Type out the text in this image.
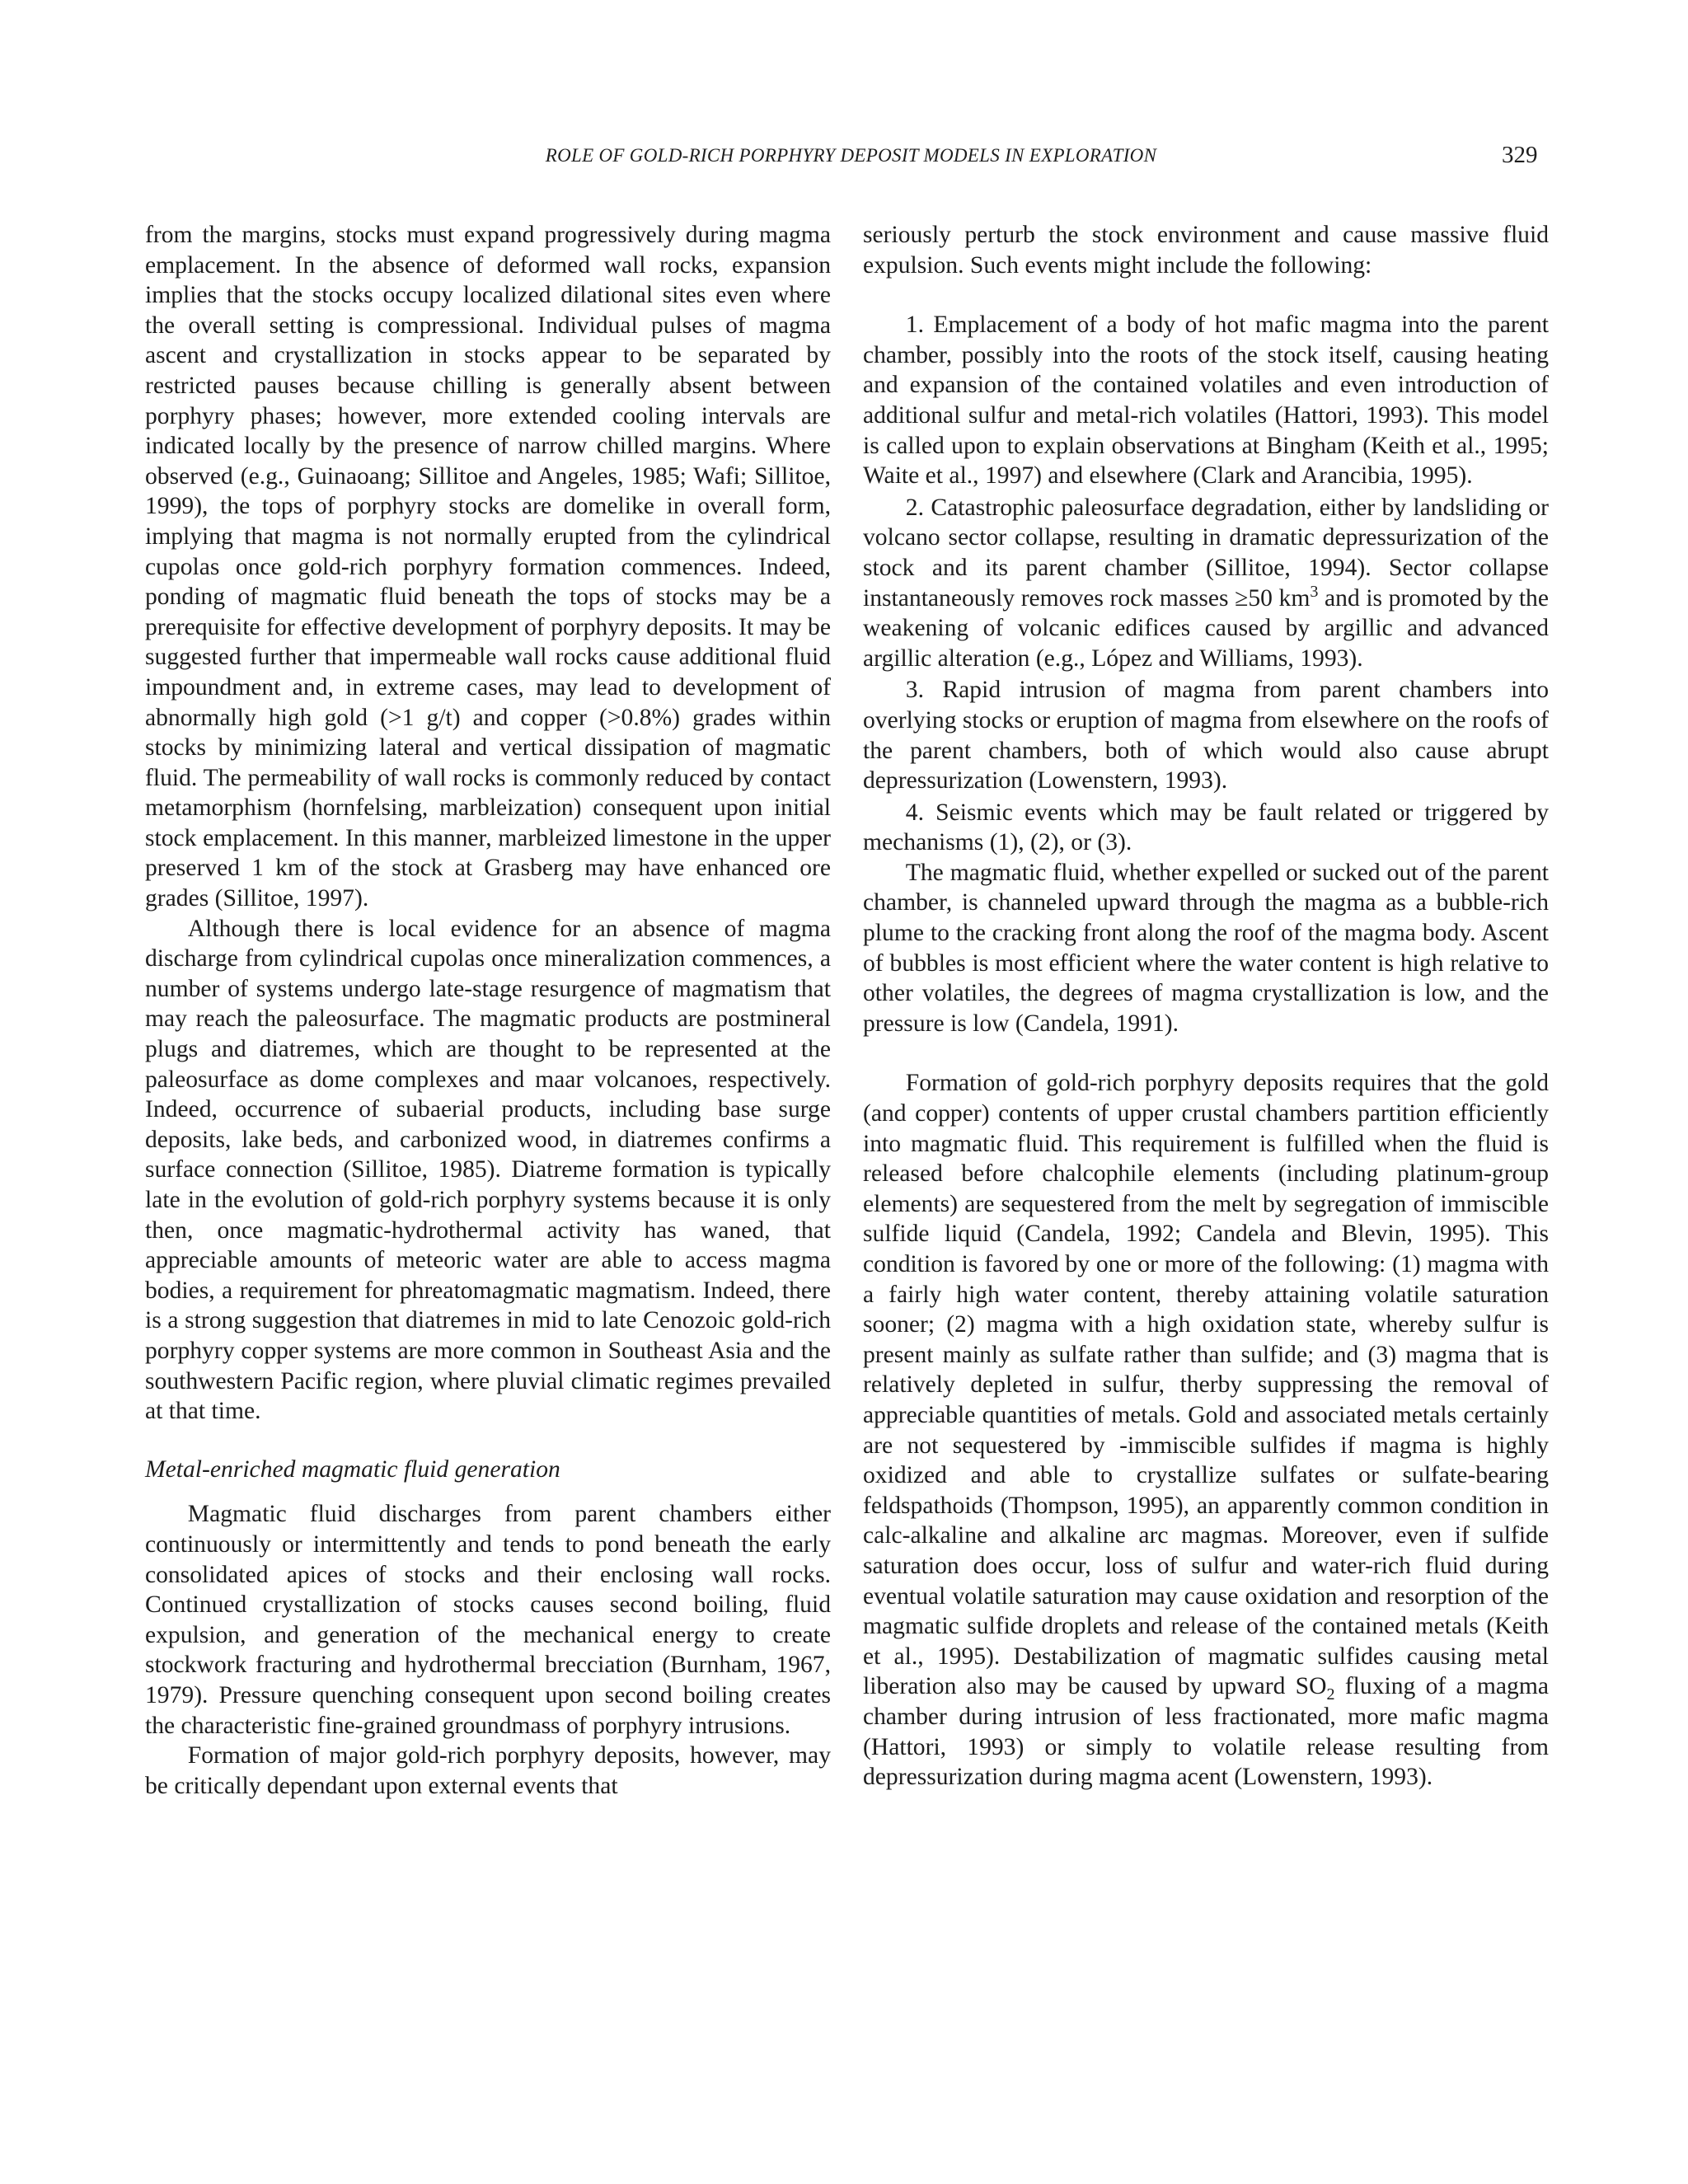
ROLE OF GOLD-RICH PORPHYRY DEPOSIT MODELS IN EXPLORATION	329

from the margins, stocks must expand progressively during magma emplacement. In the absence of deformed wall rocks, expansion implies that the stocks occupy localized dilational sites even where the overall setting is compressional. Individual pulses of magma ascent and crystallization in stocks appear to be separated by restricted pauses because chilling is generally absent between porphyry phases; however, more extended cooling intervals are indicated locally by the presence of narrow chilled margins. Where observed (e.g., Guinaoang; Sillitoe and Angeles, 1985; Wafi; Sillitoe, 1999), the tops of porphyry stocks are domelike in overall form, implying that magma is not normally erupted from the cylindrical cupolas once gold-rich porphyry formation commences. Indeed, ponding of magmatic fluid beneath the tops of stocks may be a prerequisite for effective development of porphyry deposits. It may be suggested further that impermeable wall rocks cause additional fluid impoundment and, in extreme cases, may lead to development of abnormally high gold (>1 g/t) and copper (>0.8%) grades within stocks by minimizing lateral and vertical dissipation of magmatic fluid. The permeability of wall rocks is commonly reduced by contact metamorphism (hornfelsing, marbleization) consequent upon initial stock emplacement. In this manner, marbleized limestone in the upper preserved 1 km of the stock at Grasberg may have enhanced ore grades (Sillitoe, 1997).

Although there is local evidence for an absence of magma discharge from cylindrical cupolas once mineralization commences, a number of systems undergo late-stage resurgence of magmatism that may reach the paleosurface. The magmatic products are postmineral plugs and diatremes, which are thought to be represented at the paleosurface as dome complexes and maar volcanoes, respectively. Indeed, occurrence of subaerial products, including base surge deposits, lake beds, and carbonized wood, in diatremes confirms a surface connection (Sillitoe, 1985). Diatreme formation is typically late in the evolution of gold-rich porphyry systems because it is only then, once magmatic-hydrothermal activity has waned, that appreciable amounts of meteoric water are able to access magma bodies, a requirement for phreatomagmatic magmatism. Indeed, there is a strong suggestion that diatremes in mid to late Cenozoic gold-rich porphyry copper systems are more common in Southeast Asia and the southwestern Pacific region, where pluvial climatic regimes prevailed at that time.

Metal-enriched magmatic fluid generation

Magmatic fluid discharges from parent chambers either continuously or intermittently and tends to pond beneath the early consolidated apices of stocks and their enclosing wall rocks. Continued crystallization of stocks causes second boiling, fluid expulsion, and generation of the mechanical energy to create stockwork fracturing and hydrothermal brecciation (Burnham, 1967, 1979). Pressure quenching consequent upon second boiling creates the characteristic fine-grained groundmass of porphyry intrusions.

Formation of major gold-rich porphyry deposits, however, may be critically dependant upon external events that

seriously perturb the stock environment and cause massive fluid expulsion. Such events might include the following:

1. Emplacement of a body of hot mafic magma into the parent chamber, possibly into the roots of the stock itself, causing heating and expansion of the contained volatiles and even introduction of additional sulfur and metal-rich volatiles (Hattori, 1993). This model is called upon to explain observations at Bingham (Keith et al., 1995; Waite et al., 1997) and elsewhere (Clark and Arancibia, 1995).

2. Catastrophic paleosurface degradation, either by landsliding or volcano sector collapse, resulting in dramatic depressurization of the stock and its parent chamber (Sillitoe, 1994). Sector collapse instantaneously removes rock masses ≥50 $km^3$ and is promoted by the weakening of volcanic edifices caused by argillic and advanced argillic alteration (e.g., López and Williams, 1993).

3. Rapid intrusion of magma from parent chambers into overlying stocks or eruption of magma from elsewhere on the roofs of the parent chambers, both of which would also cause abrupt depressurization (Lowenstern, 1993).

4. Seismic events which may be fault related or triggered by mechanisms (1), (2), or (3).

The magmatic fluid, whether expelled or sucked out of the parent chamber, is channeled upward through the magma as a bubble-rich plume to the cracking front along the roof of the magma body. Ascent of bubbles is most efficient where the water content is high relative to other volatiles, the degrees of magma crystallization is low, and the pressure is low (Candela, 1991).

Formation of gold-rich porphyry deposits requires that the gold (and copper) contents of upper crustal chambers partition efficiently into magmatic fluid. This requirement is fulfilled when the fluid is released before chalcophile elements (including platinum-group elements) are sequestered from the melt by segregation of immiscible sulfide liquid (Candela, 1992; Candela and Blevin, 1995). This condition is favored by one or more of the following: (1) magma with a fairly high water content, thereby attaining volatile saturation sooner; (2) magma with a high oxidation state, whereby sulfur is present mainly as sulfate rather than sulfide; and (3) magma that is relatively depleted in sulfur, therby suppressing the removal of appreciable quantities of metals. Gold and associated metals certainly are not sequestered by -immiscible sulfides if magma is highly oxidized and able to crystallize sulfates or sulfate-bearing feldspathoids (Thompson, 1995), an apparently common condition in calc-alkaline and alkaline arc magmas. Moreover, even if sulfide saturation does occur, loss of sulfur and water-rich fluid during eventual volatile saturation may cause oxidation and resorption of the magmatic sulfide droplets and release of the contained metals (Keith et al., 1995). Destabilization of magmatic sulfides causing metal liberation also may be caused by upward $SO_2$ fluxing of a magma chamber during intrusion of less fractionated, more mafic magma (Hattori, 1993) or simply to volatile release resulting from depressurization during magma acent (Lowenstern, 1993).
